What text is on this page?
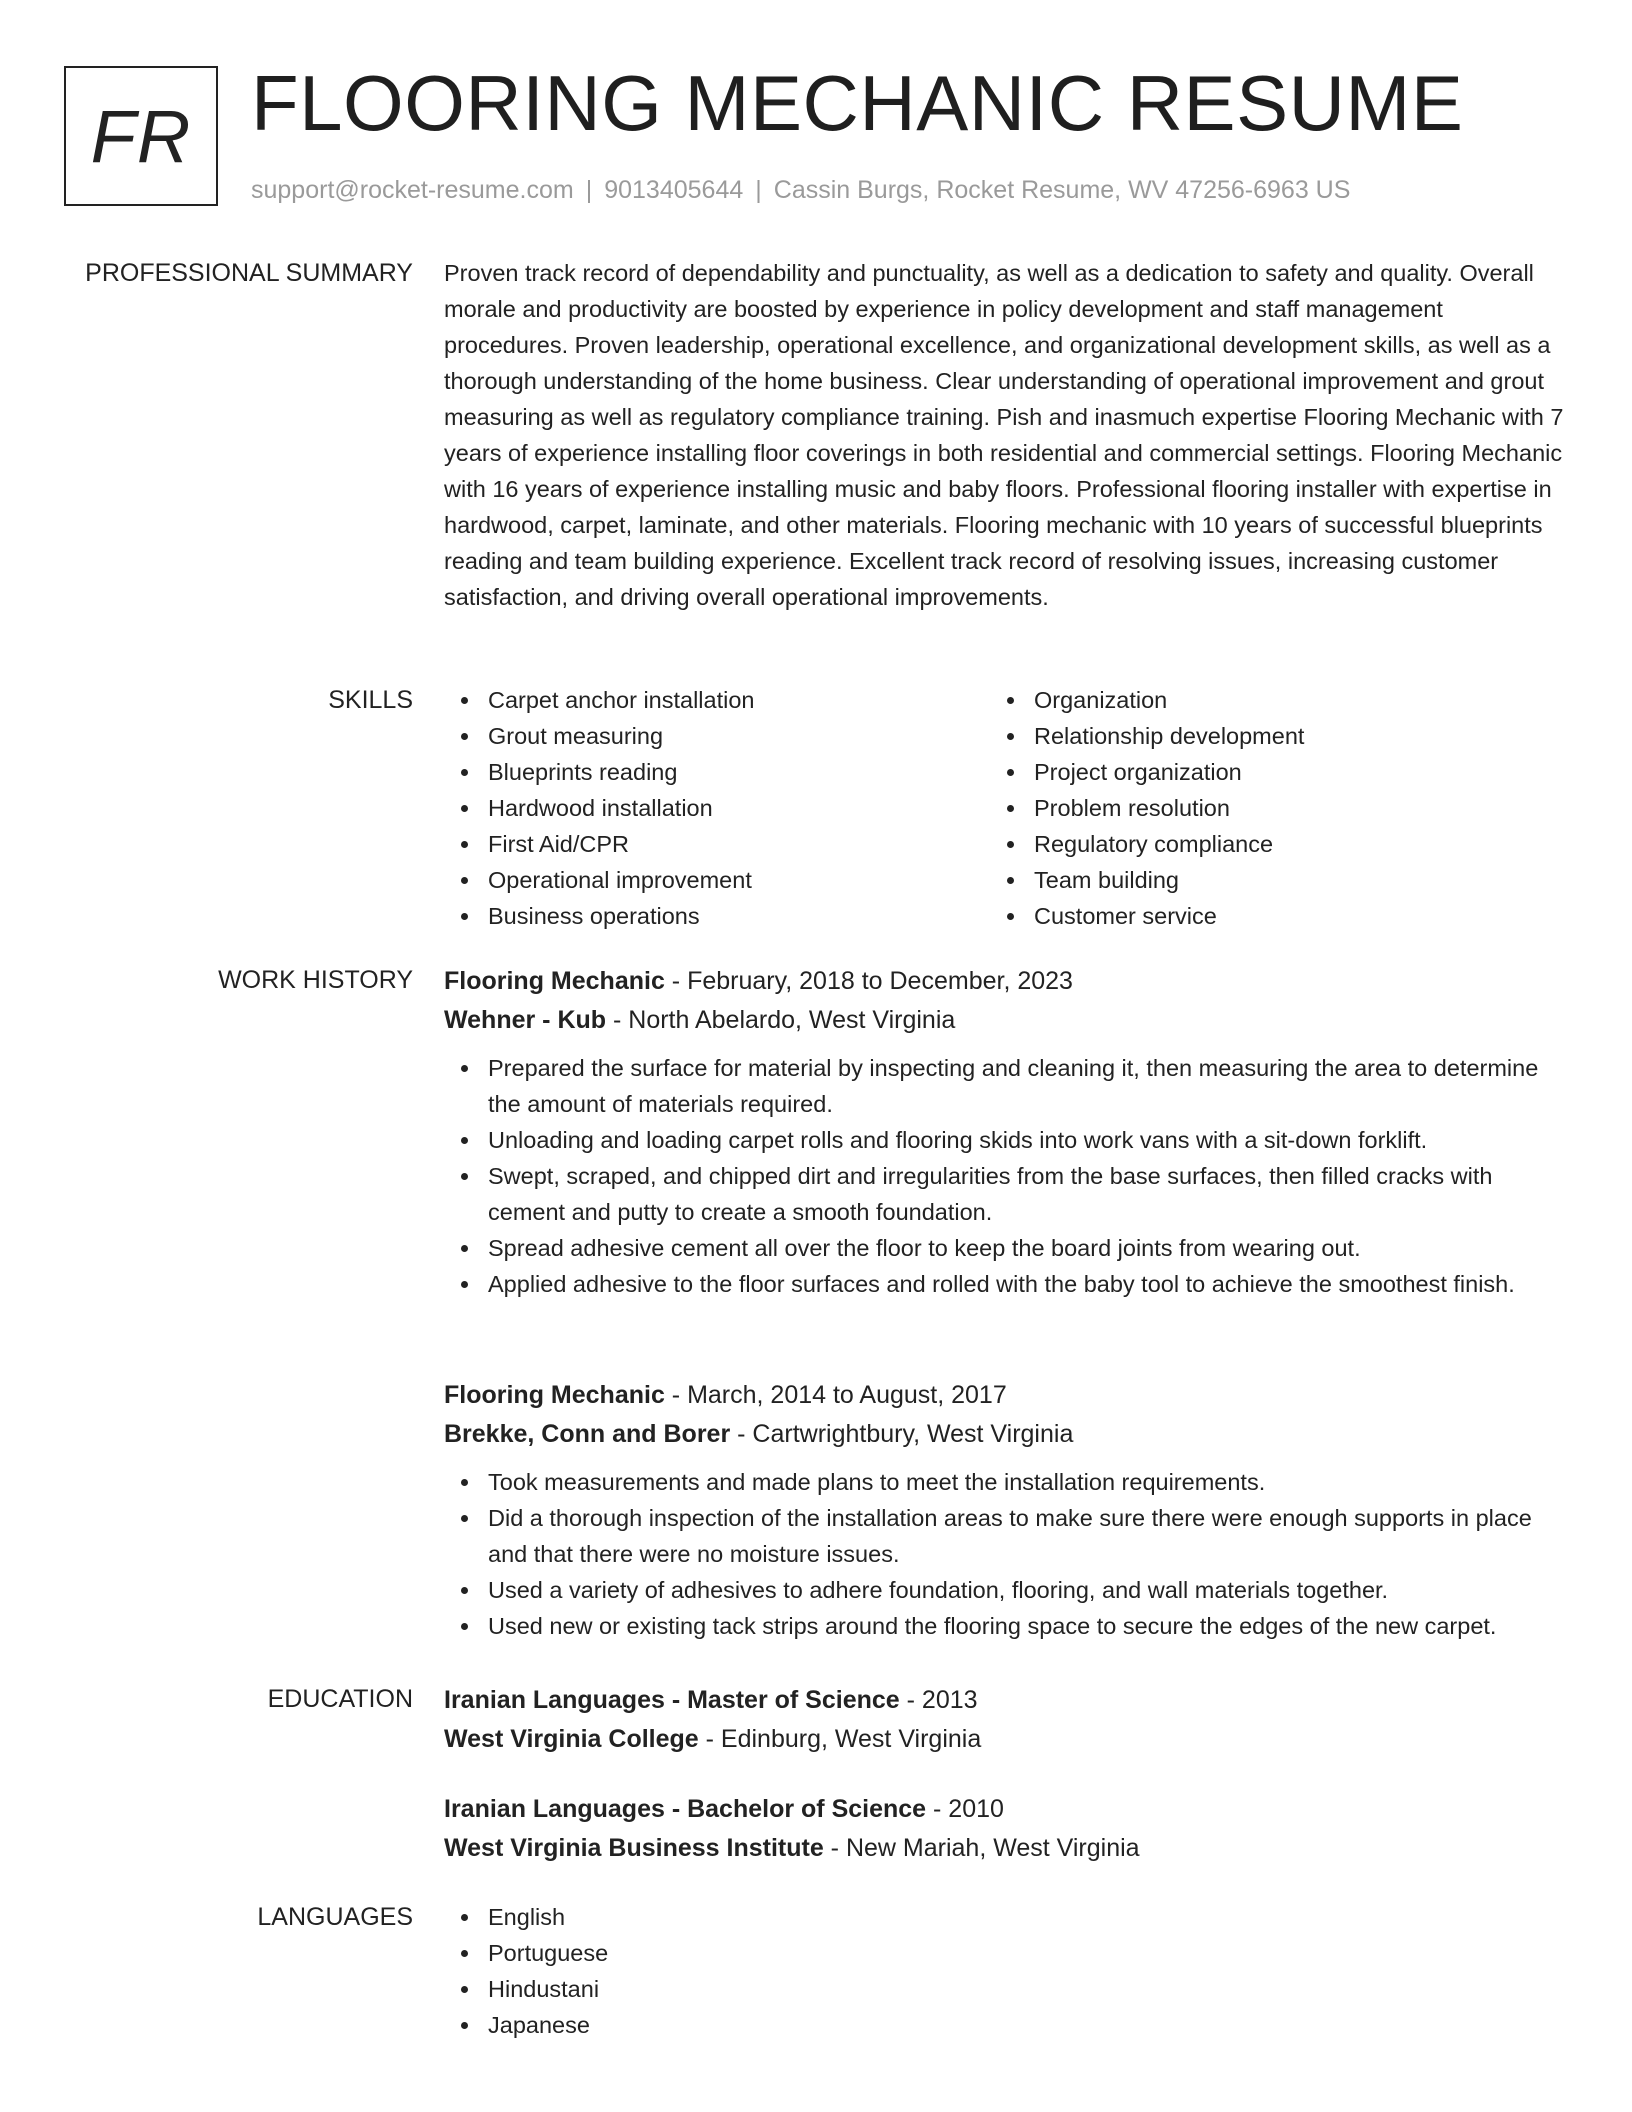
FR FLOORING MECHANIC RESUME
support@rocket-resume.com | 9013405644 | Cassin Burgs, Rocket Resume, WV 47256-6963 US
PROFESSIONAL SUMMARY Proven track record of dependability and punctuality, as well as a dedication to safety and quality. Overall morale and productivity are boosted by experience in policy development and staff management procedures. Proven leadership, operational excellence, and organizational development skills, as well as a thorough understanding of the home business. Clear understanding of operational improvement and grout measuring as well as regulatory compliance training. Pish and inasmuch expertise Flooring Mechanic with 7 years of experience installing floor coverings in both residential and commercial settings. Flooring Mechanic with 16 years of experience installing music and baby floors. Professional flooring installer with expertise in hardwood, carpet, laminate, and other materials. Flooring mechanic with 10 years of successful blueprints reading and team building experience. Excellent track record of resolving issues, increasing customer satisfaction, and driving overall operational improvements.

SKILLS	Carpet anchor installation
Grout measuring
Blueprints reading
Hardwood installation
First Aid/CPR
Operational improvement
Business operations
Organization
Relationship development
Project organization
Problem resolution
Regulatory compliance
Team building
Customer service
WORK HISTORY Flooring Mechanic - February, 2018 to December, 2023
Wehner - Kub - North Abelardo, West Virginia
Prepared the surface for material by inspecting and cleaning it, then measuring the area to determine the amount of materials required.
Unloading and loading carpet rolls and flooring skids into work vans with a sit-down forklift.
Swept, scraped, and chipped dirt and irregularities from the base surfaces, then filled cracks with cement and putty to create a smooth foundation.
Spread adhesive cement all over the floor to keep the board joints from wearing out.
Applied adhesive to the floor surfaces and rolled with the baby tool to achieve the smoothest finish.
Flooring Mechanic - March, 2014 to August, 2017
Brekke, Conn and Borer - Cartwrightbury, West Virginia
Took measurements and made plans to meet the installation requirements.
Did a thorough inspection of the installation areas to make sure there were enough supports in place and that there were no moisture issues.
Used a variety of adhesives to adhere foundation, flooring, and wall materials together.
Used new or existing tack strips around the flooring space to secure the edges of the new carpet.
EDUCATION Iranian Languages - Master of Science - 2013
West Virginia College - Edinburg, West Virginia
Iranian Languages - Bachelor of Science - 2010
West Virginia Business Institute - New Mariah, West Virginia
LANGUAGES	English
Portuguese
Hindustani
Japanese
